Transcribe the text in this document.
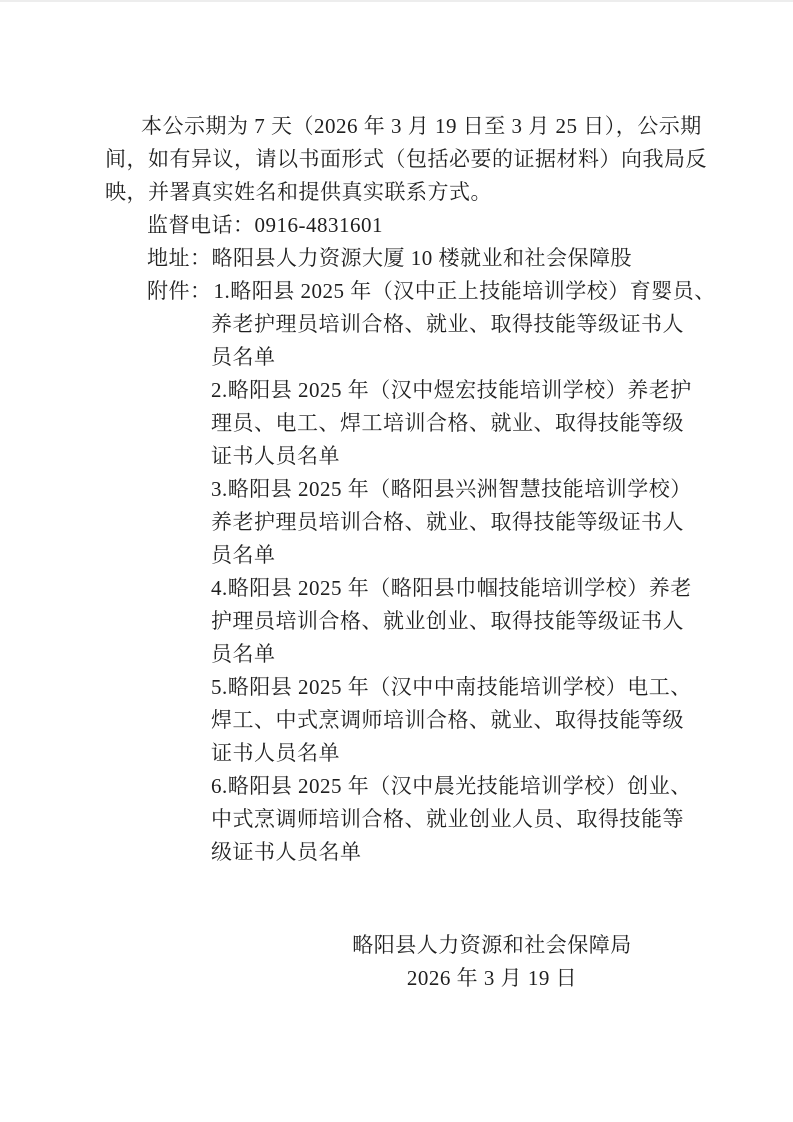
本公示期为 7 天（2026 年 3 月 19 日至 3 月 25 日），公示期
间，如有异议，请以书面形式（包括必要的证据材料）向我局反
映，并署真实姓名和提供真实联系方式。
监督电话：0916-4831601
地址：略阳县人力资源大厦 10 楼就业和社会保障股
附件：1.略阳县 2025 年（汉中正上技能培训学校）育婴员、
养老护理员培训合格、就业、取得技能等级证书人
员名单
2.略阳县 2025 年（汉中煜宏技能培训学校）养老护
理员、电工、焊工培训合格、就业、取得技能等级
证书人员名单
3.略阳县 2025 年（略阳县兴洲智慧技能培训学校）
养老护理员培训合格、就业、取得技能等级证书人
员名单
4.略阳县 2025 年（略阳县巾帼技能培训学校）养老
护理员培训合格、就业创业、取得技能等级证书人
员名单
5.略阳县 2025 年（汉中中南技能培训学校）电工、
焊工、中式烹调师培训合格、就业、取得技能等级
证书人员名单
6.略阳县 2025 年（汉中晨光技能培训学校）创业、
中式烹调师培训合格、就业创业人员、取得技能等
级证书人员名单
略阳县人力资源和社会保障局
2026 年 3 月 19 日
